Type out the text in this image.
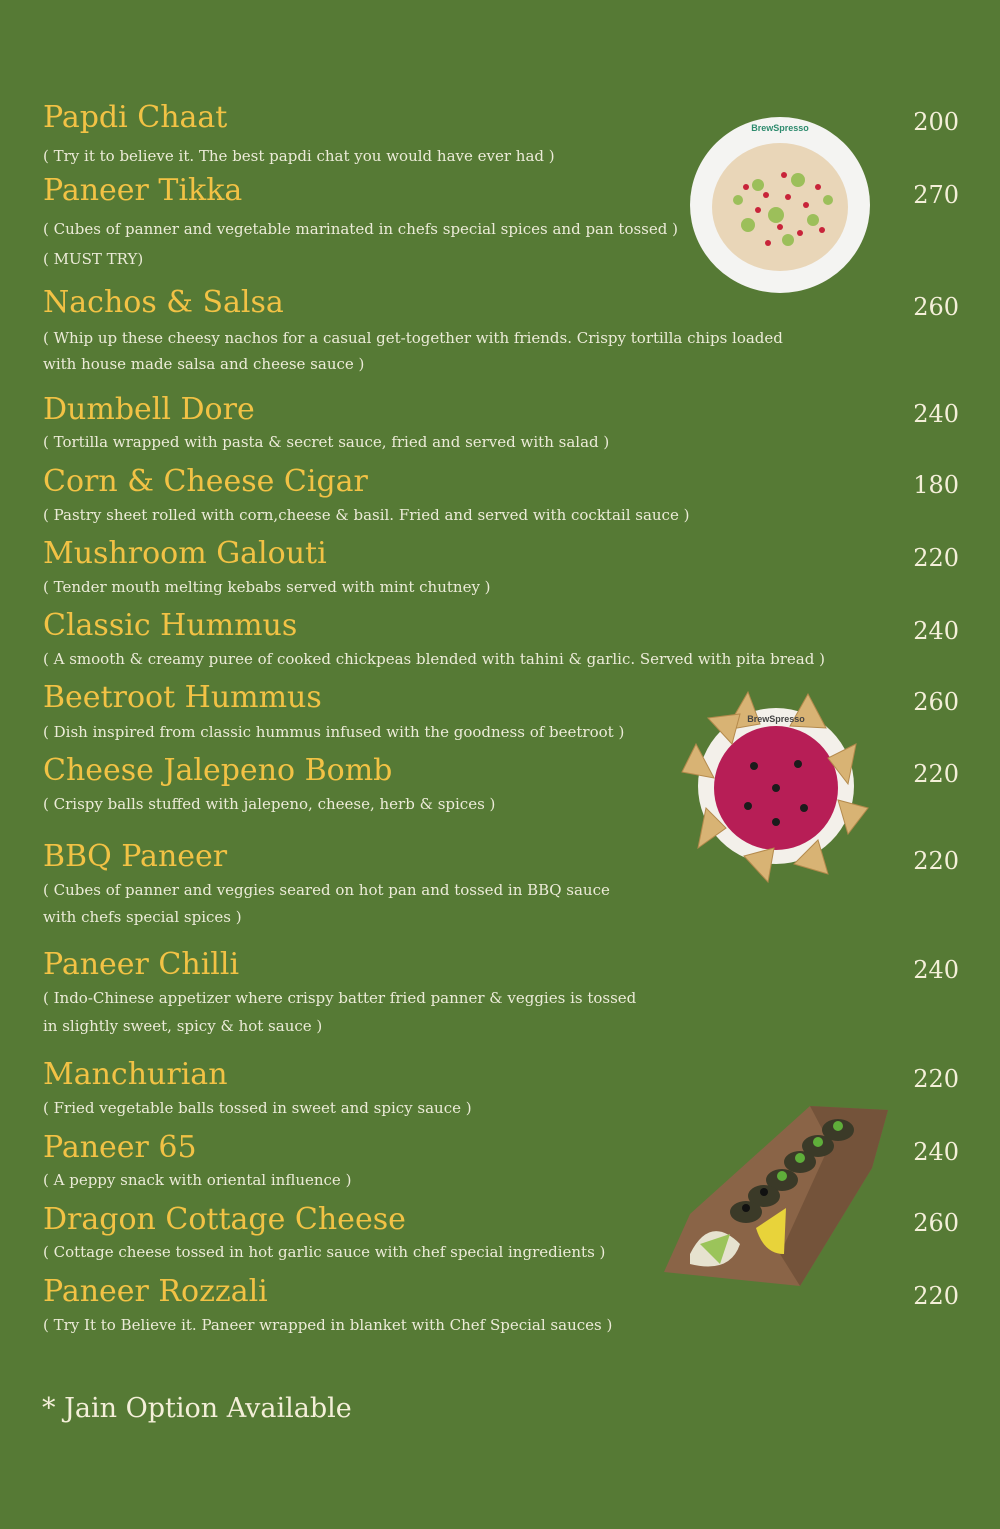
BrewSpresso
BrewSpresso
Papdi Chaat
( Try it to believe it. The best papdi chat you would have ever had )
200
Paneer Tikka
( Cubes of panner and vegetable marinated in chefs special spices and pan tossed )
( MUST TRY)
270
Nachos & Salsa
( Whip up these cheesy nachos for a casual get-together with friends. Crispy tortilla chips loaded
with house made salsa and cheese sauce )
260
Dumbell Dore
( Tortilla wrapped with pasta & secret sauce, fried and served with salad )
240
Corn & Cheese Cigar
( Pastry sheet rolled with corn,cheese & basil. Fried and served with cocktail sauce )
180
Mushroom Galouti
( Tender mouth melting kebabs served with mint chutney )
220
Classic Hummus
( A smooth & creamy puree of cooked chickpeas blended with tahini & garlic. Served with pita bread )
240
Beetroot Hummus
( Dish inspired from classic hummus infused with the goodness of beetroot )
260
Cheese Jalepeno Bomb
( Crispy balls stuffed with jalepeno, cheese, herb & spices )
220
BBQ Paneer
( Cubes of panner and veggies seared on hot pan and tossed in BBQ sauce
with chefs special spices )
220
Paneer Chilli
( Indo-Chinese appetizer where crispy batter fried panner & veggies is tossed
in slightly sweet, spicy & hot sauce )
240
Manchurian
( Fried vegetable balls tossed in sweet and spicy sauce )
220
Paneer 65
( A peppy snack with oriental influence )
240
Dragon Cottage Cheese
( Cottage cheese tossed in hot garlic sauce with chef special ingredients )
260
Paneer Rozzali
( Try It to Believe it. Paneer wrapped in blanket with Chef Special sauces )
220
* Jain Option Available
